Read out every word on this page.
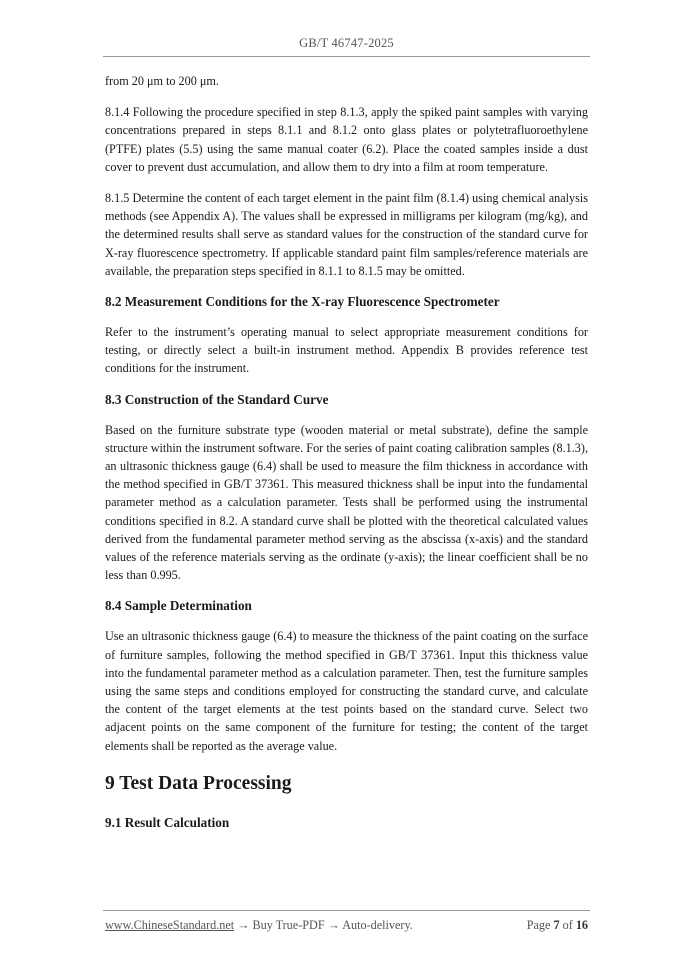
GB/T 46747-2025

from 20 μm to 200 μm.

8.1.4 Following the procedure specified in step 8.1.3, apply the spiked paint samples with varying concentrations prepared in steps 8.1.1 and 8.1.2 onto glass plates or polytetrafluoroethylene (PTFE) plates (5.5) using the same manual coater (6.2). Place the coated samples inside a dust cover to prevent dust accumulation, and allow them to dry into a film at room temperature.

8.1.5 Determine the content of each target element in the paint film (8.1.4) using chemical analysis methods (see Appendix A). The values shall be expressed in milligrams per kilogram (mg/kg), and the determined results shall serve as standard values for the construction of the standard curve for X-ray fluorescence spectrometry. If applicable standard paint film samples/reference materials are available, the preparation steps specified in 8.1.1 to 8.1.5 may be omitted.

8.2 Measurement Conditions for the X-ray Fluorescence Spectrometer

Refer to the instrument’s operating manual to select appropriate measurement conditions for testing, or directly select a built-in instrument method. Appendix B provides reference test conditions for the instrument.

8.3 Construction of the Standard Curve

Based on the furniture substrate type (wooden material or metal substrate), define the sample structure within the instrument software. For the series of paint coating calibration samples (8.1.3), an ultrasonic thickness gauge (6.4) shall be used to measure the film thickness in accordance with the method specified in GB/T 37361. This measured thickness shall be input into the fundamental parameter method as a calculation parameter. Tests shall be performed using the instrumental conditions specified in 8.2. A standard curve shall be plotted with the theoretical calculated values derived from the fundamental parameter method serving as the abscissa (x-axis) and the standard values of the reference materials serving as the ordinate (y-axis); the linear coefficient shall be no less than 0.995.

8.4 Sample Determination

Use an ultrasonic thickness gauge (6.4) to measure the thickness of the paint coating on the surface of furniture samples, following the method specified in GB/T 37361. Input this thickness value into the fundamental parameter method as a calculation parameter. Then, test the furniture samples using the same steps and conditions employed for constructing the standard curve, and calculate the content of the target elements at the test points based on the standard curve. Select two adjacent points on the same component of the furniture for testing; the content of the target elements shall be reported as the average value.

9 Test Data Processing
9.1 Result Calculation
www.ChineseStandard.net → Buy True-PDF → Auto-delivery.	Page 7 of 16
